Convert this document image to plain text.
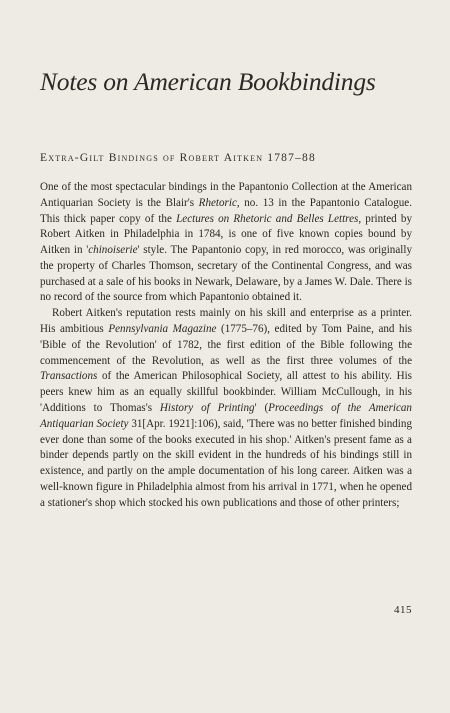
Notes on American Bookbindings
Extra-Gilt Bindings of Robert Aitken 1787–88

One of the most spectacular bindings in the Papantonio Collection at the American Antiquarian Society is the Blair's Rhetoric, no. 13 in the Papantonio Catalogue. This thick paper copy of the Lectures on Rhetoric and Belles Lettres, printed by Robert Aitken in Philadelphia in 1784, is one of five known copies bound by Aitken in 'chinoiserie' style. The Papantonio copy, in red morocco, was originally the property of Charles Thomson, secretary of the Continental Congress, and was purchased at a sale of his books in Newark, Delaware, by a James W. Dale. There is no record of the source from which Papantonio obtained it.

Robert Aitken's reputation rests mainly on his skill and enterprise as a printer. His ambitious Pennsylvania Magazine (1775–76), edited by Tom Paine, and his 'Bible of the Revolution' of 1782, the first edition of the Bible following the commencement of the Revolution, as well as the first three volumes of the Transactions of the American Philosophical Society, all attest to his ability. His peers knew him as an equally skillful bookbinder. William McCullough, in his 'Additions to Thomas's History of Printing' (Proceedings of the American Antiquarian Society 31[Apr. 1921]:106), said, 'There was no better finished binding ever done than some of the books executed in his shop.' Aitken's present fame as a binder depends partly on the skill evident in the hundreds of his bindings still in existence, and partly on the ample documentation of his long career. Aitken was a well-known figure in Philadelphia almost from his arrival in 1771, when he opened a stationer's shop which stocked his own publications and those of other printers;

415
